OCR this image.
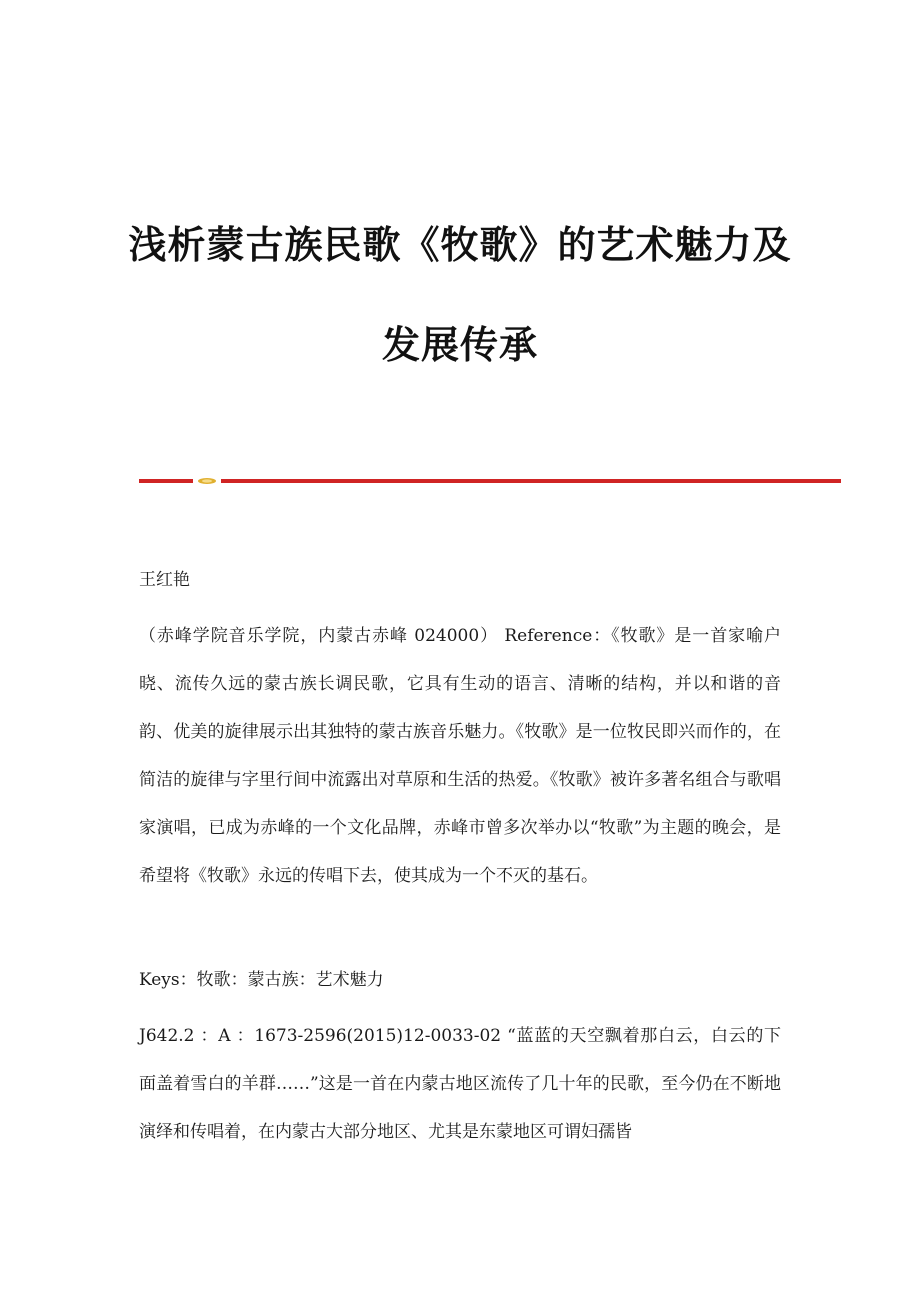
浅析蒙古族民歌《牧歌》的艺术魅力及
发展传承

王红艳

（赤峰学院音乐学院，内蒙古赤峰 024000） Reference：《牧歌》是一首家喻户晓、流传久远的蒙古族长调民歌，它具有生动的语言、清晰的结构，并以和谐的音韵、优美的旋律展示出其独特的蒙古族音乐魅力。《牧歌》是一位牧民即兴而作的，在简洁的旋律与字里行间中流露出对草原和生活的热爱。《牧歌》被许多著名组合与歌唱家演唱，已成为赤峰的一个文化品牌，赤峰市曾多次举办以“牧歌”为主题的晚会，是希望将《牧歌》永远的传唱下去，使其成为一个不灭的基石。

Keys：牧歌：蒙古族：艺术魅力

J642.2 ：A ：1673-2596(2015)12-0033-02 “蓝蓝的天空飘着那白云，白云的下面盖着雪白的羊群……”这是一首在内蒙古地区流传了几十年的民歌，至今仍在不断地演绎和传唱着，在内蒙古大部分地区、尤其是东蒙地区可谓妇孺皆
